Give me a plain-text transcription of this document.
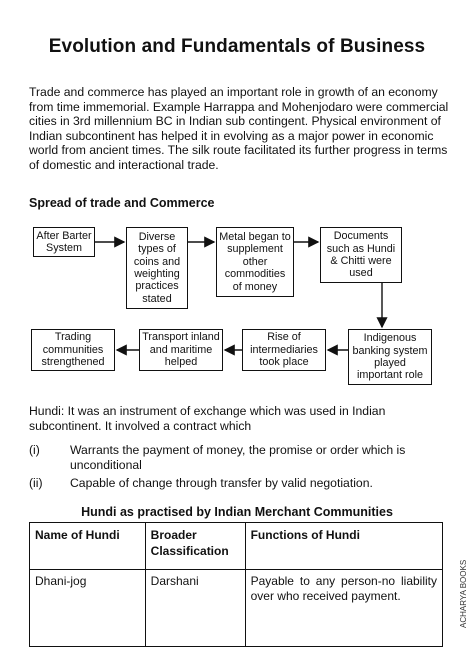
Evolution and Fundamentals of Business
Trade and commerce has played an important role in growth of an economy from time immemorial. Example Harrappa and Mohenjodaro were commercial cities in 3rd millennium BC in Indian sub contingent. Physical environment of Indian subcontinent has helped it in evolving as a major power in economic world from ancient times. The silk route facilitated its further progress in terms of domestic and interactional trade.
Spread of trade and Commerce
After Barter System
Diverse types of coins and weighting practices stated
Metal began to supplement other commodities of money
Documents such as Hundi & Chitti were used
Indigenous banking system played important role
Rise of intermediaries took place
Transport inland and maritime helped
Trading communities strengthened
Hundi: It was an instrument of exchange which was used in Indian subcontinent. It involved a contract which
(i) Warrants the payment of money, the promise or order which is unconditional
(ii) Capable of change through transfer by valid negotiation.
Hundi as practised by Indian Merchant Communities
Name of Hundi	Broader Classification	Functions of Hundi
Dhani-jog	Darshani	Payable to any person-no liability over who received payment.	ACHARYA BOOKS
